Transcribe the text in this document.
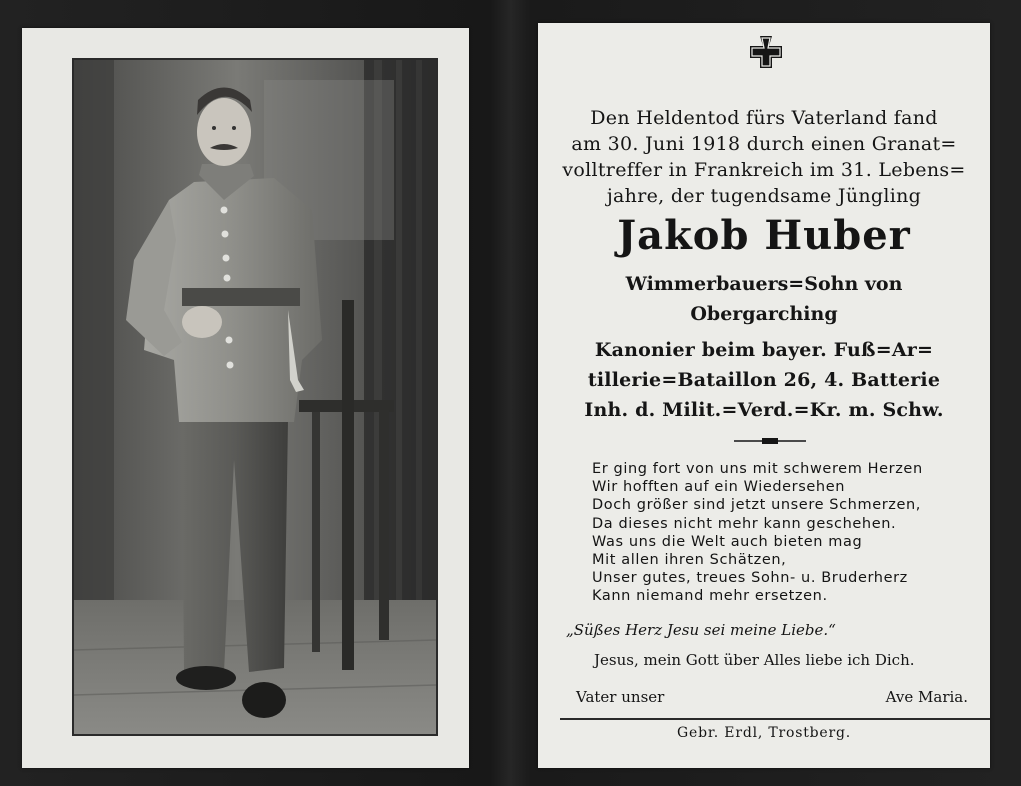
Den Heldentod fürs Vaterland fand
am 30. Juni 1918 durch einen Granat=
volltreffer in Frankreich im 31. Lebens=
jahre, der tugendsame Jüngling
Jakob Huber
Wimmerbauers=Sohn von
Obergarching
Kanonier beim bayer. Fuß=Ar=
tillerie=Bataillon 26, 4. Batterie
Inh. d. Milit.=Verd.=Kr. m. Schw.
Er ging fort von uns mit schwerem Herzen
Wir hofften auf ein Wiedersehen
Doch größer sind jetzt unsere Schmerzen,
Da dieses nicht mehr kann geschehen.
Was uns die Welt auch bieten mag
Mit allen ihren Schätzen,
Unser gutes, treues Sohn- u. Bruderherz
Kann niemand mehr ersetzen.
„Süßes Herz Jesu sei meine Liebe.“
Jesus, mein Gott über Alles liebe ich Dich.
Vater unser	Ave Maria.
Gebr. Erdl, Trostberg.
